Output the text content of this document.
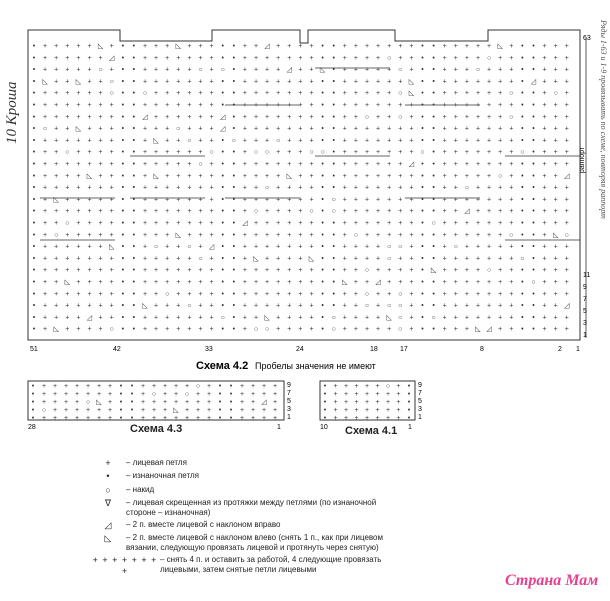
10 Кроша	Ряды 1-63 и 1-9 провязывать по схеме, повторяя раппорт
• + + + + + ◺ + • • + + + ◺ + + + • • + + ◿ + + + + • • + + + + + + + • • + + + + + ◺ + • • + + +
• + + + + + + ◿ • • + + + + + + + • • + + + + + + + • • + + + + ○ + + • • + + + + ○ + + • • + + +
• + + + + + ○ + • • + + + + + ○ + ○ • + + + + ◿ + + ◺ • + + + + + ○ + • • + + + ○ + + + • • + + +
• ◺ + + ◺ + + ○ • • + + + + + + + • • + + + + + + + • • + + + + + + ◺ • • + + + + + + + • ◿ + + +
• + + + + + + ○ • • ○ + + + + + + • • + + + + + + + • • + + + + + ○ ◺ • • + + + + + + ○ • • + ○ +
• + + + + + + + • • + + + + + + + • • + + + + + + + • • + + + + + + + • • + + + + + + + • • + + +
• + + + + + + + • • ◿ + + + + + + ◿ • + + + + + + + • • + + ○ + + ○ + • • + + + + + + ○ • • + + +
• ○ + + ◺ + + + • • + + + ○ + + + ◿ • + + + + + + + • • + + + + + + + • • + + + + + + + • • + + +
• + + + + + + + • • + ◺ + + ○ + + • ○ + + + ○ + + + • • + + + + + + + • • + + + + + + + • • + + +
• + + ○ + + + + • • + + + + + + ○ • • + ○ ○ + + + ○ ○ • + + + + + + + ○ • + + + + + + + ○ • + + +
• + + + + + + + • • + + + + + ○ + • • + + + + + + + • • + + + + + + ◿ • • + + + + + + + • • + + +
• + + + + ◺ + + • • + ◺ + + + + + • • + + + + ◺ + + • • + + + + + + + • • + + + + + ○ + • • + + ◿
• + + + + + + + • • + + + + + + + • • + + ○ + + + + • • + + + + + + + • • + + ○ + + + + • • + + +
• + ◺ + + + + + • • + + + + + + + • • + + + + + + + • ○ + + + + + + + • • + + + + + + + • • + + +
• + + + + + + + • • + + + + + + + • • + ○ + + + + ○ • ○ + + + + + + + • • + + ◿ + + + + • • + + +
• + + ○ + + + + • • + + + + + + + • • ◿ + + + + + + • • + + + + + + + • ○ + + + + + + + • • + + +
• + ○ + + + + + • • + + + ◺ + + + • • + + + + + + + • • + ○ + + + + + • • + + + + + + ○ • • + ◺ ○
• + + + + + + ◺ • • + ○ + + ○ + ◿ • • + + + + + + + • • + + + + ○ ○ + • • + ○ + + + + + • • + + +
• + + + + + + + • • + + + + + ○ + • • + ◺ + + + + ◺ • • + + + + ○ + + • • + + + + + + + ○ • + + +
• + + + + + + + • • + + + + + + + • • + + + + + + + • • + + ○ + + + + • ◺ + + + + ○ + + • • + + +
• + + ◺ + + + + • • + + + + + + + • • + + + + + + + • • ◺ + + ◿ + + + • • + + + + + + + • ○ + + +
• + + + + + + + • • + + ○ + + + + • • + + + + + + + • • + + ○ + + ○ + • • + + + + + + + • • + + +
• + + + + + + + • • ◺ + + + ○ + + • • + + + + + + + • • + + ○ + ○ ○ + • • + + + + + + + • • + + ◿
• + + + + ◿ + + • • + + + + + + + ○ • + + ◺ + + + + • ○ + + + + ◺ ○ + • ○ + + + + + + + • • + + +
• + ◺ + + + + ○ • • + + + + + + + • • + ○ ○ + + + + • ○ + + + + + ○ + • • + + + ◺ ◿ + + • • + + +
раппорт
63
11
9
7
5
3
1
51	42	33	24	18	17	8	2 1
Схема 4.2 Пробелы значения не имеют
• + + + + + + + • • + + + + + ○ + • • + + + +
• + + + + + + + • • + ○ + + ○ + + • • + + + +
• + + + + ○ ◺ + • • + + + + + + + • • + + ◿ +
• ○ + + + + + + • • + + + ◺ + + + • • + + + +
• + + + + + + + • • + + + + + + + • • + + + +
9
7
5
3
1
28	1
Схема 4.3
• + + + + + ○ + •
• + + + + + + + •
• + + + + + + + •
• + + + + + + + •
• + + + + + + + •
9
7
5
3
1
10	1
Схема 4.1
+	– лицевая петля
•	– изнаночная петля
○	– накид
∇	– лицевая скрещенная из протяжки между петлями (по изнаночной стороне – изнаночная)
◿	– 2 п. вместе лицевой с наклоном вправо
◺	– 2 п. вместе лицевой с наклоном влево (снять 1 п., как при лицевом вязании, следующую провязать лицевой и протянуть через снятую)
+ + + + + + + +
– снять 4 п. и оставить за работой, 4 следующие провязать лицевыми, затем снятые петли лицевыми
Страна Мам
